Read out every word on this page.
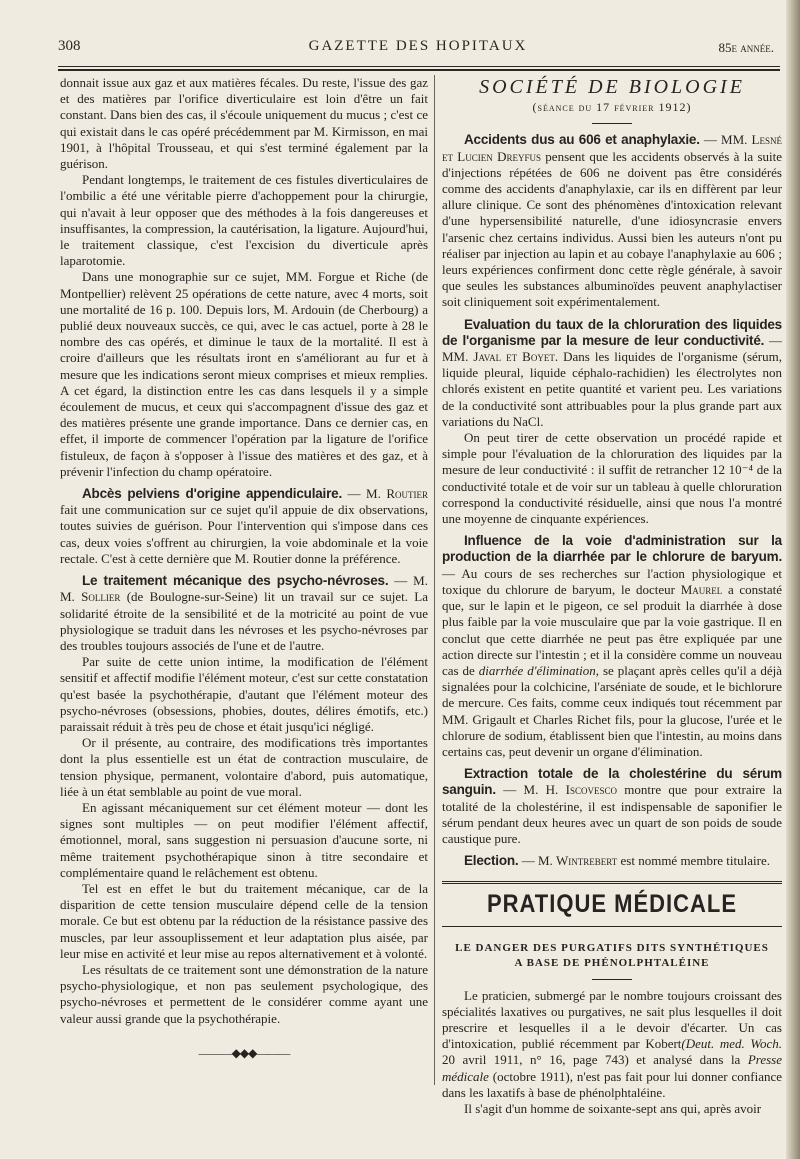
308	GAZETTE DES HOPITAUX	85e année.

donnait issue aux gaz et aux matières fécales. Du reste, l'issue des gaz et des matières par l'orifice diverticulaire est loin d'être un fait constant. Dans bien des cas, il s'écoule uniquement du mucus ; c'est ce qui existait dans le cas opéré précédemment par M. Kirmisson, en mai 1901, à l'hôpital Trousseau, et qui s'est terminé également par la guérison.

Pendant longtemps, le traitement de ces fistules diverticulaires de l'ombilic a été une véritable pierre d'achoppement pour la chirurgie, qui n'avait à leur opposer que des méthodes à la fois dangereuses et insuffisantes, la compression, la cautérisation, la ligature. Aujourd'hui, le traitement classique, c'est l'excision du diverticule après laparotomie.

Dans une monographie sur ce sujet, MM. Forgue et Riche (de Montpellier) relèvent 25 opérations de cette nature, avec 4 morts, soit une mortalité de 16 p. 100. Depuis lors, M. Ardouin (de Cherbourg) a publié deux nouveaux succès, ce qui, avec le cas actuel, porte à 28 le nombre des cas opérés, et diminue le taux de la mortalité. Il est à croire d'ailleurs que les résultats iront en s'améliorant au fur et à mesure que les indications seront mieux comprises et mieux remplies. A cet égard, la distinction entre les cas dans lesquels il y a simple écoulement de mucus, et ceux qui s'accompagnent d'issue des gaz et des matières présente une grande importance. Dans ce dernier cas, en effet, il importe de commencer l'opération par la ligature de l'orifice fistuleux, de façon à s'opposer à l'issue des matières et des gaz, et à prévenir l'infection du champ opératoire.

Abcès pelviens d'origine appendiculaire. — M. Routier fait une communication sur ce sujet qu'il appuie de dix observations, toutes suivies de guérison. Pour l'intervention qui s'impose dans ces cas, deux voies s'offrent au chirurgien, la voie abdominale et la voie rectale. C'est à cette dernière que M. Routier donne la préférence.

Le traitement mécanique des psycho-névroses. — M. M. Sollier (de Boulogne-sur-Seine) lit un travail sur ce sujet. La solidarité étroite de la sensibilité et de la motricité au point de vue physiologique se traduit dans les névroses et les psycho-névroses par des troubles toujours associés de l'une et de l'autre.

Par suite de cette union intime, la modification de l'élément sensitif et affectif modifie l'élément moteur, c'est sur cette constatation qu'est basée la psychothérapie, d'autant que l'élément moteur des psycho-névroses (obsessions, phobies, doutes, délires émotifs, etc.) paraissait réduit à très peu de chose et était jusqu'ici négligé.

Or il présente, au contraire, des modifications très importantes dont la plus essentielle est un état de contraction musculaire, de tension physique, permanent, volontaire d'abord, puis automatique, liée à un état semblable au point de vue moral.

En agissant mécaniquement sur cet élément moteur — dont les signes sont multiples — on peut modifier l'élément affectif, émotionnel, moral, sans suggestion ni persuasion d'aucune sorte, ni même traitement psychothérapique sinon à titre secondaire et complémentaire quand le relâchement est obtenu.

Tel est en effet le but du traitement mécanique, car de la disparition de cette tension musculaire dépend celle de la tension morale. Ce but est obtenu par la réduction de la résistance passive des muscles, par leur assouplissement et leur adaptation plus aisée, par leur mise en activité et leur mise au repos alternativement et à volonté.

Les résultats de ce traitement sont une démonstration de la nature psycho-physiologique, et non pas seulement psychologique, des psycho-névroses et permettent de le considérer comme ayant une valeur aussi grande que la psychothérapie.

———◆◆◆———
SOCIÉTÉ DE BIOLOGIE
(séance du 17 février 1912)

Accidents dus au 606 et anaphylaxie. — MM. Lesné et Lucien Dreyfus pensent que les accidents observés à la suite d'injections répétées de 606 ne doivent pas être considérés comme des accidents d'anaphylaxie, car ils en diffèrent par leur allure clinique. Ce sont des phénomènes d'intoxication relevant d'une hypersensibilité naturelle, d'une idiosyncrasie envers l'arsenic chez certains individus. Aussi bien les auteurs n'ont pu réaliser par injection au lapin et au cobaye l'anaphylaxie au 606 ; leurs expériences confirment donc cette règle générale, à savoir que seules les substances albuminoïdes peuvent anaphylactiser soit cliniquement soit expérimentalement.

Evaluation du taux de la chloruration des liquides de l'organisme par la mesure de leur conductivité. — MM. Javal et Boyet. Dans les liquides de l'organisme (sérum, liquide pleural, liquide céphalo-rachidien) les électrolytes non chlorés existent en petite quantité et varient peu. Les variations de la conductivité sont attribuables pour la plus grande part aux variations du NaCl.

On peut tirer de cette observation un procédé rapide et simple pour l'évaluation de la chloruration des liquides par la mesure de leur conductivité : il suffit de retrancher 12 10⁻⁴ de la conductivité totale et de voir sur un tableau à quelle chloruration correspond la conductivité résiduelle, ainsi que nous l'a montré une moyenne de cinquante expériences.

Influence de la voie d'administration sur la production de la diarrhée par le chlorure de baryum. — Au cours de ses recherches sur l'action physiologique et toxique du chlorure de baryum, le docteur Maurel a constaté que, sur le lapin et le pigeon, ce sel produit la diarrhée à dose plus faible par la voie musculaire que par la voie gastrique. Il en conclut que cette diarrhée ne peut pas être expliquée par une action directe sur l'intestin ; et il la considère comme un nouveau cas de diarrhée d'élimination, se plaçant après celles qu'il a déjà signalées pour la colchicine, l'arséniate de soude, et le bichlorure de mercure. Ces faits, comme ceux indiqués tout récemment par MM. Grigault et Charles Richet fils, pour la glucose, l'urée et le chlorure de sodium, établissent bien que l'intestin, au moins dans certains cas, peut devenir un organe d'élimination.

Extraction totale de la cholestérine du sérum sanguin. — M. H. Iscovesco montre que pour extraire la totalité de la cholestérine, il est indispensable de saponifier le sérum pendant deux heures avec un quart de son poids de soude caustique pure.

Election. — M. Wintrebert est nommé membre titulaire.

PRATIQUE MÉDICALE
LE DANGER DES PURGATIFS DITS SYNTHÉTIQUES
A BASE DE PHÉNOLPHTALÉINE

Le praticien, submergé par le nombre toujours croissant des spécialités laxatives ou purgatives, ne sait plus lesquelles il doit prescrire et lesquelles il a le devoir d'écarter. Un cas d'intoxication, publié récemment par Kobert(Deut. med. Woch. 20 avril 1911, n° 16, page 743) et analysé dans la Presse médicale (octobre 1911), n'est pas fait pour lui donner confiance dans les laxatifs à base de phénolphtaléine.

Il s'agit d'un homme de soixante-sept ans qui, après avoir
